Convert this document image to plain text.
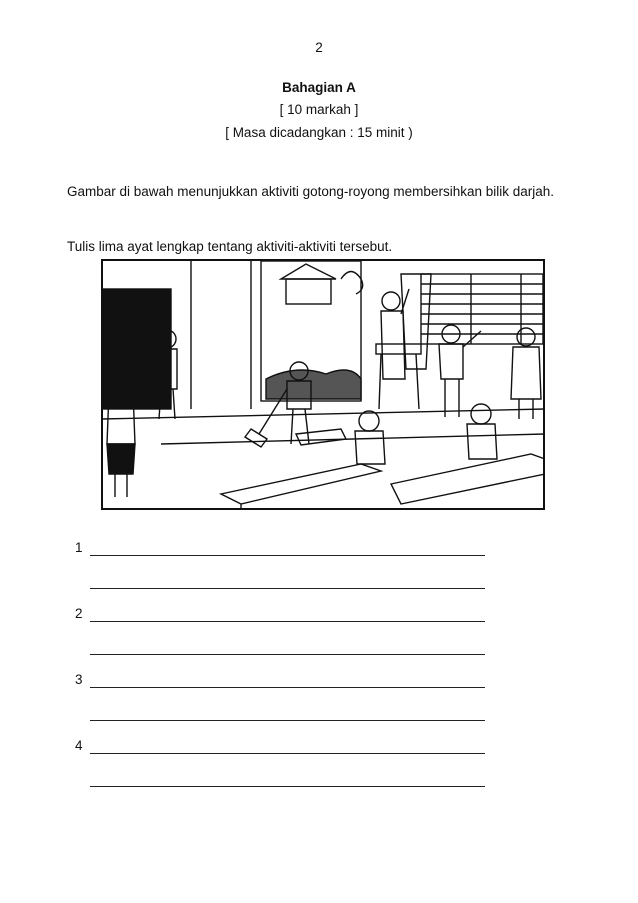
2
Bahagian A
[ 10 markah ]
[ Masa dicadangkan : 15 minit )
Gambar di bawah menunjukkan aktiviti gotong-royong membersihkan bilik darjah.
Tulis lima ayat lengkap tentang aktiviti-aktiviti tersebut.
1
2
3
4
